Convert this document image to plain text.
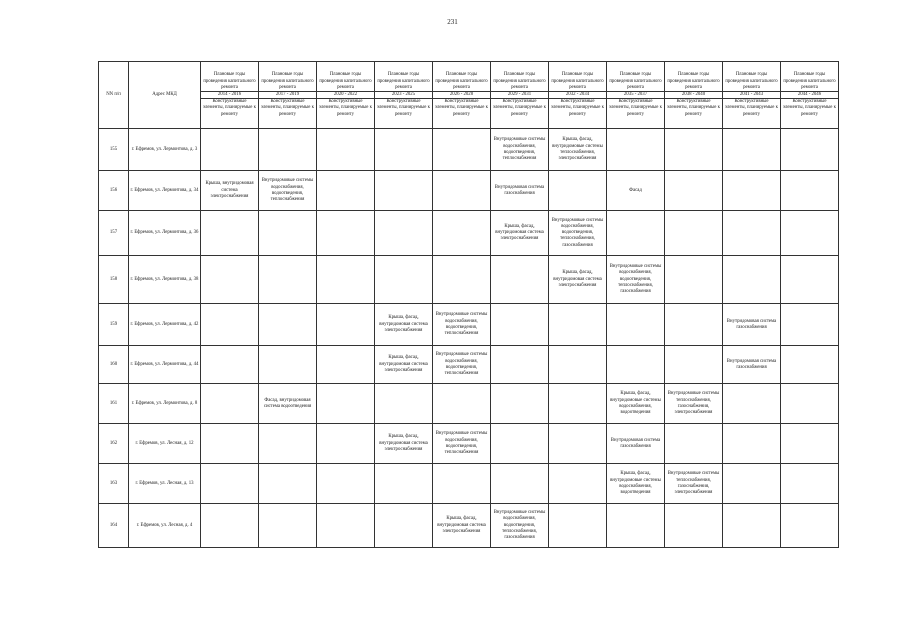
231
NN п/п	Адрес МКД	Плановые годы проведения капитального ремонта	Плановые годы проведения капитального ремонта	Плановые годы проведения капитального ремонта	Плановые годы проведения капитального ремонта	Плановые годы проведения капитального ремонта	Плановые годы проведения капитального ремонта	Плановые годы проведения капитального ремонта	Плановые годы проведения капитального ремонта	Плановые годы проведения капитального ремонта	Плановые годы проведения капитального ремонта	Плановые годы проведения капитального ремонта
		2014 - 2016	2017 - 2019	2020 - 2022	2023 - 2025	2026 - 2028	2029 - 2031	2032 - 2034	2035 - 2037	2038 - 2040	2041 - 2043	2044 - 2046
		Конструктивные элементы, планируемые к ремонту	Конструктивные элементы, планируемые к ремонту	Конструктивные элементы, планируемые к ремонту	Конструктивные элементы, планируемые к ремонту	Конструктивные элементы, планируемые к ремонту	Конструктивные элементы, планируемые к ремонту	Конструктивные элементы, планируемые к ремонту	Конструктивные элементы, планируемые к ремонту	Конструктивные элементы, планируемые к ремонту	Конструктивные элементы, планируемые к ремонту	Конструктивные элементы, планируемые к ремонту
155	г. Ефремов, ул. Лермонтова, д. 3						Внутридомовые системы водоснабжения, водоотведения, теплоснабжения	Крыша, фасад, внутридомовые системы теплоснабжения, электроснабжения				
156	г. Ефремов, ул. Лермонтова, д. 34	Крыша, внутридомовая система электроснабжения	Внутридомовые системы водоснабжения, водоотведения, теплоснабжения				Внутридомовая система газоснабжения		Фасад			
157	г. Ефремов, ул. Лермонтова, д. 36						Крыша, фасад, внутридомовая система электроснабжения	Внутридомовые системы водоснабжения, водоотведения, теплоснабжения, газоснабжения				
158	г. Ефремов, ул. Лермонтова, д. 38							Крыша, фасад, внутридомовая система электроснабжения	Внутридомовые системы водоснабжения, водоотведения, теплоснабжения, газоснабжения			
159	г. Ефремов, ул. Лермонтова, д. 42				Крыша, фасад, внутридомовая система электроснабжения	Внутридомовые системы водоснабжения, водоотведения, теплоснабжения					Внутридомовая система газоснабжения	
160	г. Ефремов, ул. Лермонтова, д. 44				Крыша, фасад, внутридомовая система электроснабжения	Внутридомовые системы водоснабжения, водоотведения, теплоснабжения					Внутридомовая система газоснабжения	
161	г. Ефремов, ул. Лермонтова, д. 8		Фасад, внутридомовая система водоотведения						Крыша, фасад, внутридомовые системы водоснабжения, водоотведения	Внутридомовые системы теплоснабжения, газоснабжения, электроснабжения		
162	г. Ефремов, ул. Лесная, д. 12				Крыша, фасад, внутридомовая система электроснабжения	Внутридомовые системы водоснабжения, водоотведения, теплоснабжения			Внутридомовая система газоснабжения			
163	г. Ефремов, ул. Лесная, д. 13								Крыша, фасад, внутридомовые системы водоснабжения, водоотведения	Внутридомовые системы теплоснабжения, газоснабжения, электроснабжения		
164	г. Ефремов, ул. Лесная, д. 4					Крыша, фасад, внутридомовая система электроснабжения	Внутридомовые системы водоснабжения, водоотведения, теплоснабжения, газоснабжения					
